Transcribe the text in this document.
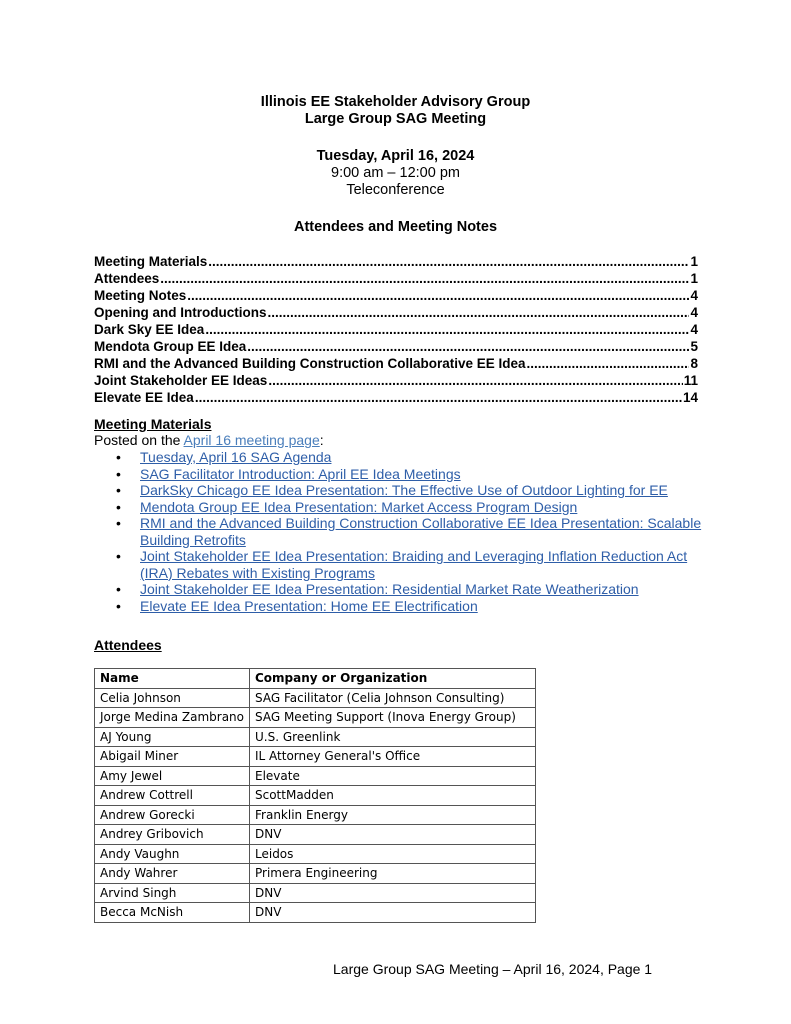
Illinois EE Stakeholder Advisory Group
Large Group SAG Meeting
Tuesday, April 16, 2024
9:00 am – 12:00 pm
Teleconference
Attendees and Meeting Notes
Meeting Materials .....	1
Attendees .....	1
Meeting Notes .....	4
Opening and Introductions .....	4
Dark Sky EE Idea .....	4
Mendota Group EE Idea .....	5
RMI and the Advanced Building Construction Collaborative EE Idea .....	8
Joint Stakeholder EE Ideas .....	11
Elevate EE Idea .....	14
Meeting Materials
Posted on the April 16 meeting page:
• Tuesday, April 16 SAG Agenda
• SAG Facilitator Introduction: April EE Idea Meetings
• DarkSky Chicago EE Idea Presentation: The Effective Use of Outdoor Lighting for EE
• Mendota Group EE Idea Presentation: Market Access Program Design
• RMI and the Advanced Building Construction Collaborative EE Idea Presentation: Scalable Building Retrofits
• Joint Stakeholder EE Idea Presentation: Braiding and Leveraging Inflation Reduction Act (IRA) Rebates with Existing Programs
• Joint Stakeholder EE Idea Presentation: Residential Market Rate Weatherization
• Elevate EE Idea Presentation: Home EE Electrification
Attendees
Name	Company or Organization
Celia Johnson	SAG Facilitator (Celia Johnson Consulting)
Jorge Medina Zambrano	SAG Meeting Support (Inova Energy Group)
AJ Young	U.S. Greenlink
Abigail Miner	IL Attorney General's Office
Amy Jewel	Elevate
Andrew Cottrell	ScottMadden
Andrew Gorecki	Franklin Energy
Andrey Gribovich	DNV
Andy Vaughn	Leidos
Andy Wahrer	Primera Engineering
Arvind Singh	DNV
Becca McNish	DNV
Large Group SAG Meeting – April 16, 2024, Page 1
